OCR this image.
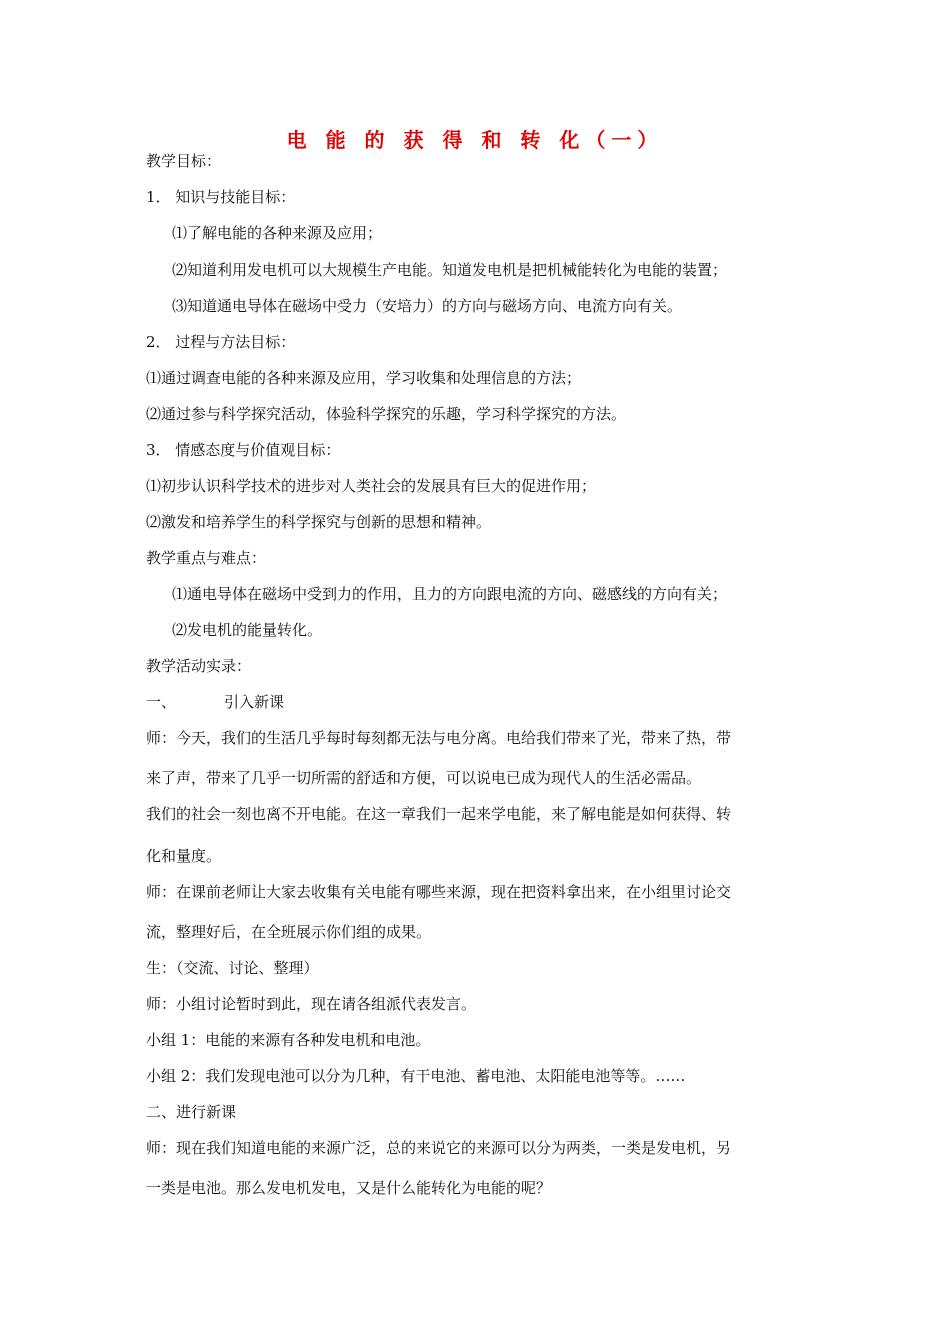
电 能 的 获 得 和 转 化（一）
教学目标：
1． 知识与技能目标：
⑴了解电能的各种来源及应用；
⑵知道利用发电机可以大规模生产电能。知道发电机是把机械能转化为电能的装置；
⑶知道通电导体在磁场中受力（安培力）的方向与磁场方向、电流方向有关。
2． 过程与方法目标：
⑴通过调查电能的各种来源及应用，学习收集和处理信息的方法；
⑵通过参与科学探究活动，体验科学探究的乐趣，学习科学探究的方法。
3． 情感态度与价值观目标：
⑴初步认识科学技术的进步对人类社会的发展具有巨大的促进作用；
⑵激发和培养学生的科学探究与创新的思想和精神。
教学重点与难点：
⑴通电导体在磁场中受到力的作用，且力的方向跟电流的方向、磁感线的方向有关；
⑵发电机的能量转化。
教学活动实录：
一、	引入新课
师：今天，我们的生活几乎每时每刻都无法与电分离。电给我们带来了光，带来了热，带
来了声，带来了几乎一切所需的舒适和方便，可以说电已成为现代人的生活必需品。
我们的社会一刻也离不开电能。在这一章我们一起来学电能，来了解电能是如何获得、转
化和量度。
师：在课前老师让大家去收集有关电能有哪些来源，现在把资料拿出来，在小组里讨论交
流，整理好后，在全班展示你们组的成果。
生：（交流、讨论、整理）
师：小组讨论暂时到此，现在请各组派代表发言。
小组 1：电能的来源有各种发电机和电池。
小组 2：我们发现电池可以分为几种，有干电池、蓄电池、太阳能电池等等。……
二、进行新课
师：现在我们知道电能的来源广泛，总的来说它的来源可以分为两类，一类是发电机，另
一类是电池。那么发电机发电，又是什么能转化为电能的呢？
